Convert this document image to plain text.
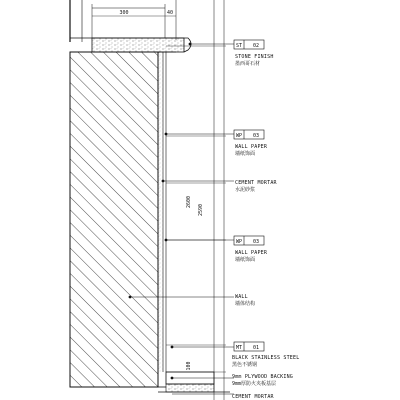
300	40
2600
2590
100
ST 02
STONE FINISH
墨西哥石材
WP 03
WALL PAPER
墙纸饰面
CEMENT MORTAR
水泥砂浆
WP 03
WALL PAPER
墙纸饰面
WALL
墙体结构
MT 01
BLACK STAINLESS STEEL
黑色不锈钢
9mm PLYWOOD BACKING
9mm厚防火夹板基层
CEMENT MORTAR
